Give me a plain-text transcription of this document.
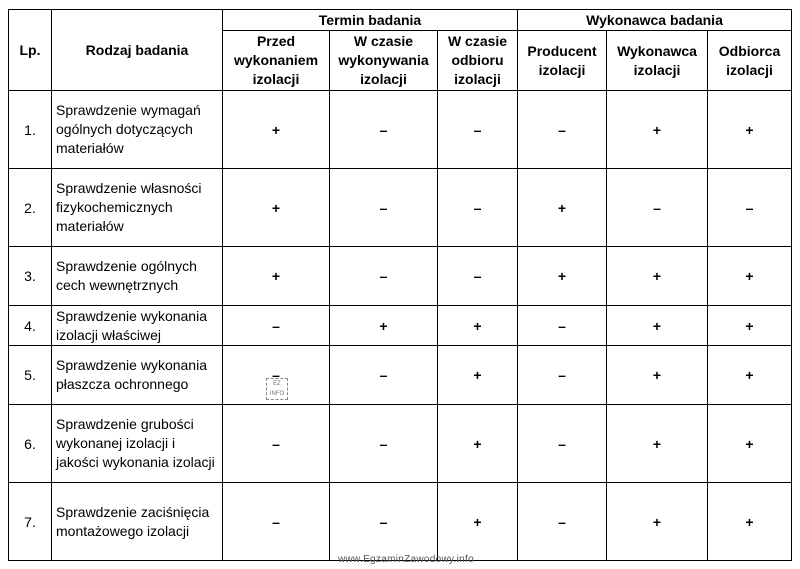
Lp.	Rodzaj badania	Termin badania			Wykonawca badania		
		Przed wykonaniem izolacji	W czasie wykonywania izolacji	W czasie odbioru izolacji	Producent izolacji	Wykonawca izolacji	Odbiorca izolacji
1.	Sprawdzenie wymagań ogólnych dotyczących materiałów	+	–	–	–	+	+
2.	Sprawdzenie własności fizykochemicznych materiałów	+	–	–	+	–	–
3.	Sprawdzenie ogólnych cech wewnętrznych	+	–	–	+	+	+
4.	Sprawdzenie wykonania izolacji właściwej	–	+	+	–	+	+
5.	Sprawdzenie wykonania płaszcza ochronnego	–	–	+	–	+	+
6.	Sprawdzenie grubości wykonanej izolacji i jakości wykonania izolacji	–	–	+	–	+	+
7.	Sprawdzenie zaciśnięcia montażowego izolacji	–	–	+	–	+	+
EZ INFO
www.EgzaminZawodowy.info
